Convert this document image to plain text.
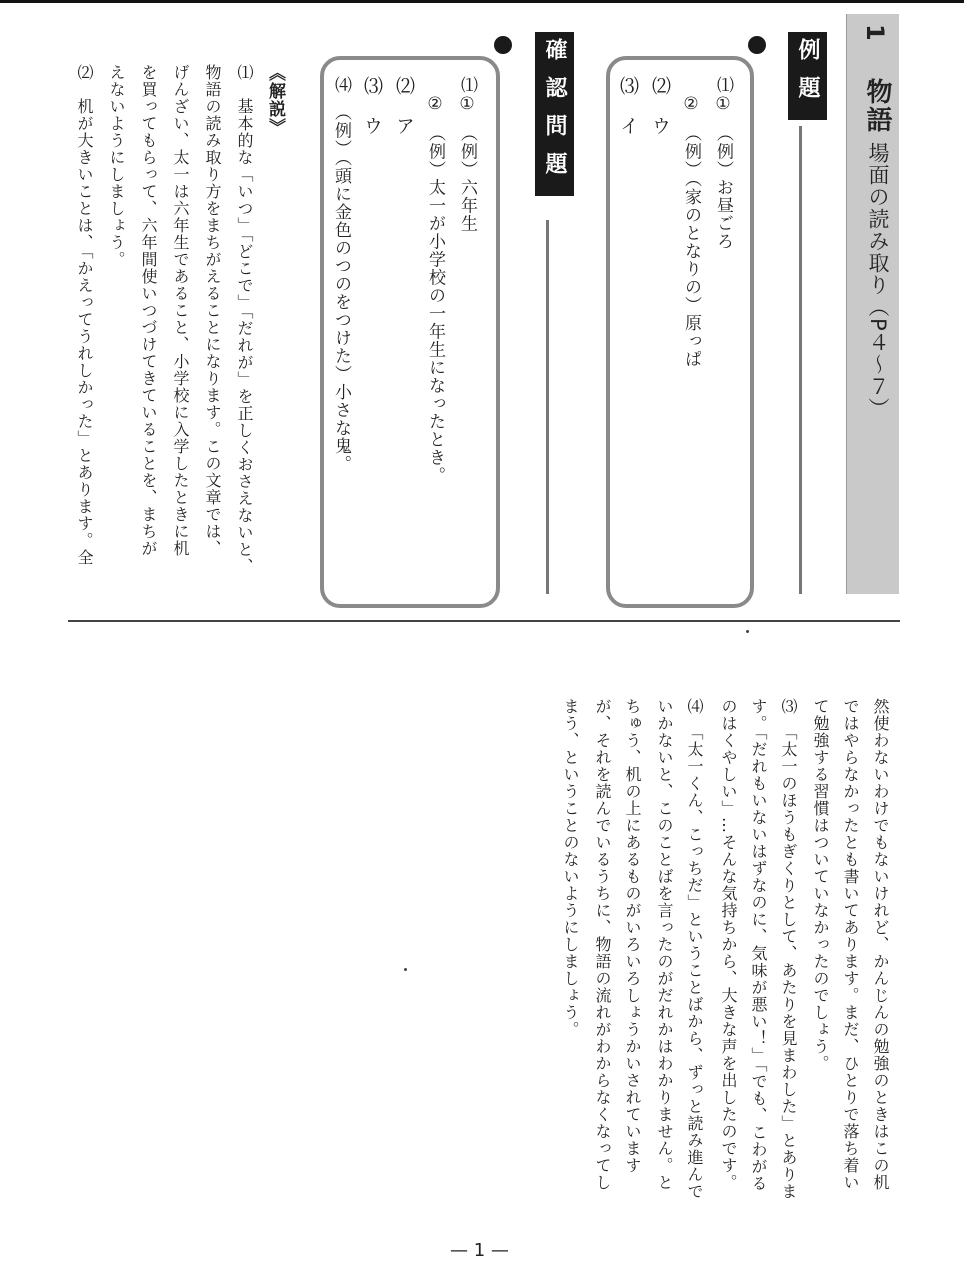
1
物語
場面の読み取り（P４〜７）
例題
⑴①　（例）お昼ごろ
　②　（例）（家のとなりの）原っぱ
⑵　ウ
⑶　イ
確認問題
⑴①　（例）六年生
　②　（例）太一が小学校の一年生になったとき。
⑵　ア
⑶　ウ
⑷　（例）（頭に金色のつのをつけた）小さな鬼。
《解説》
⑴　基本的な「いつ」「どこで」「だれが」を正しくおさえないと、
物語の読み取り方をまちがえることになります。この文章では、
げんざい、太一は六年生であること、小学校に入学したときに机
を買ってもらって、六年間使いつづけてきていることを、まちが
えないようにしましょう。
⑵　机が大きいことは、「かえってうれしかった」とあります。全
然使わないわけでもないけれど、かんじんの勉強のときはこの机
ではやらなかったとも書いてあります。まだ、ひとりで落ち着い
て勉強する習慣はついていなかったのでしょう。
⑶　「太一のほうもぎくりとして、あたりを見まわした」とありま
す。「だれもいないはずなのに、気味が悪い！」「でも、こわがる
のはくやしい」…そんな気持ちから、大きな声を出したのです。
⑷　「太一くん、こっちだ」ということばから、ずっと読み進んで
いかないと、このことばを言ったのがだれかはわかりません。と
ちゅう、机の上にあるものがいろいろしょうかいされています
が、それを読んでいるうちに、物語の流れがわからなくなってし
まう、ということのないようにしましょう。
— 1 —
